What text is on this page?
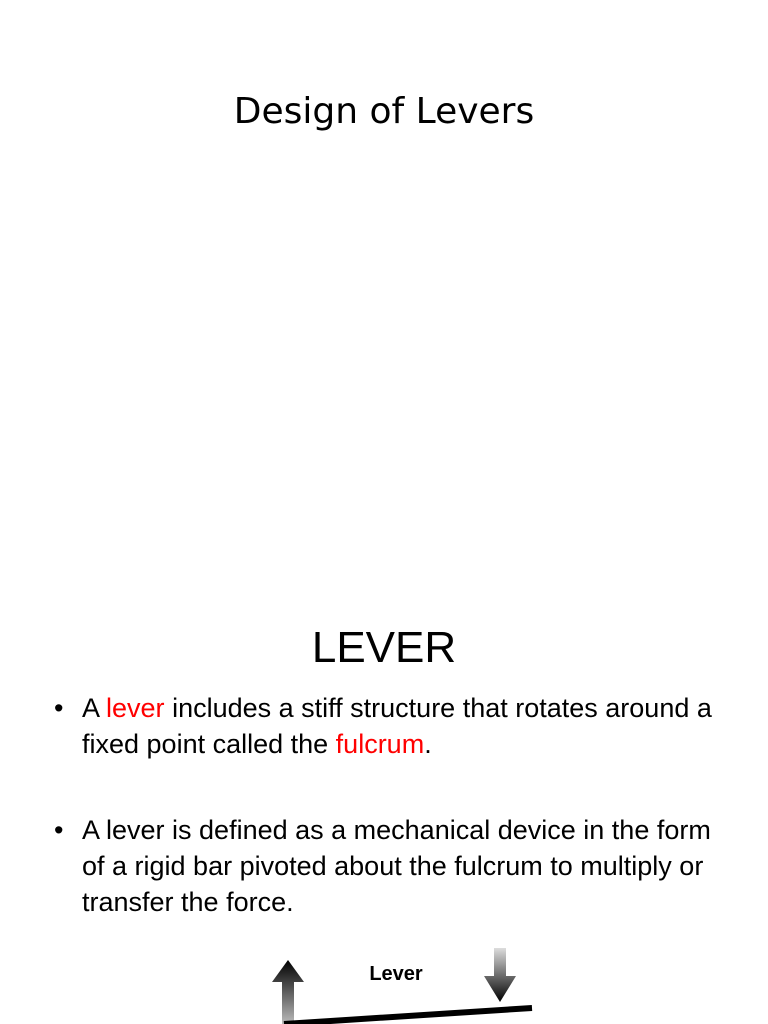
Design of Levers
LEVER
• A lever includes a stiff structure that rotates around a fixed point called the fulcrum.
• A lever is defined as a mechanical device in the form of a rigid bar pivoted about the fulcrum to multiply or transfer the force.
Lever
